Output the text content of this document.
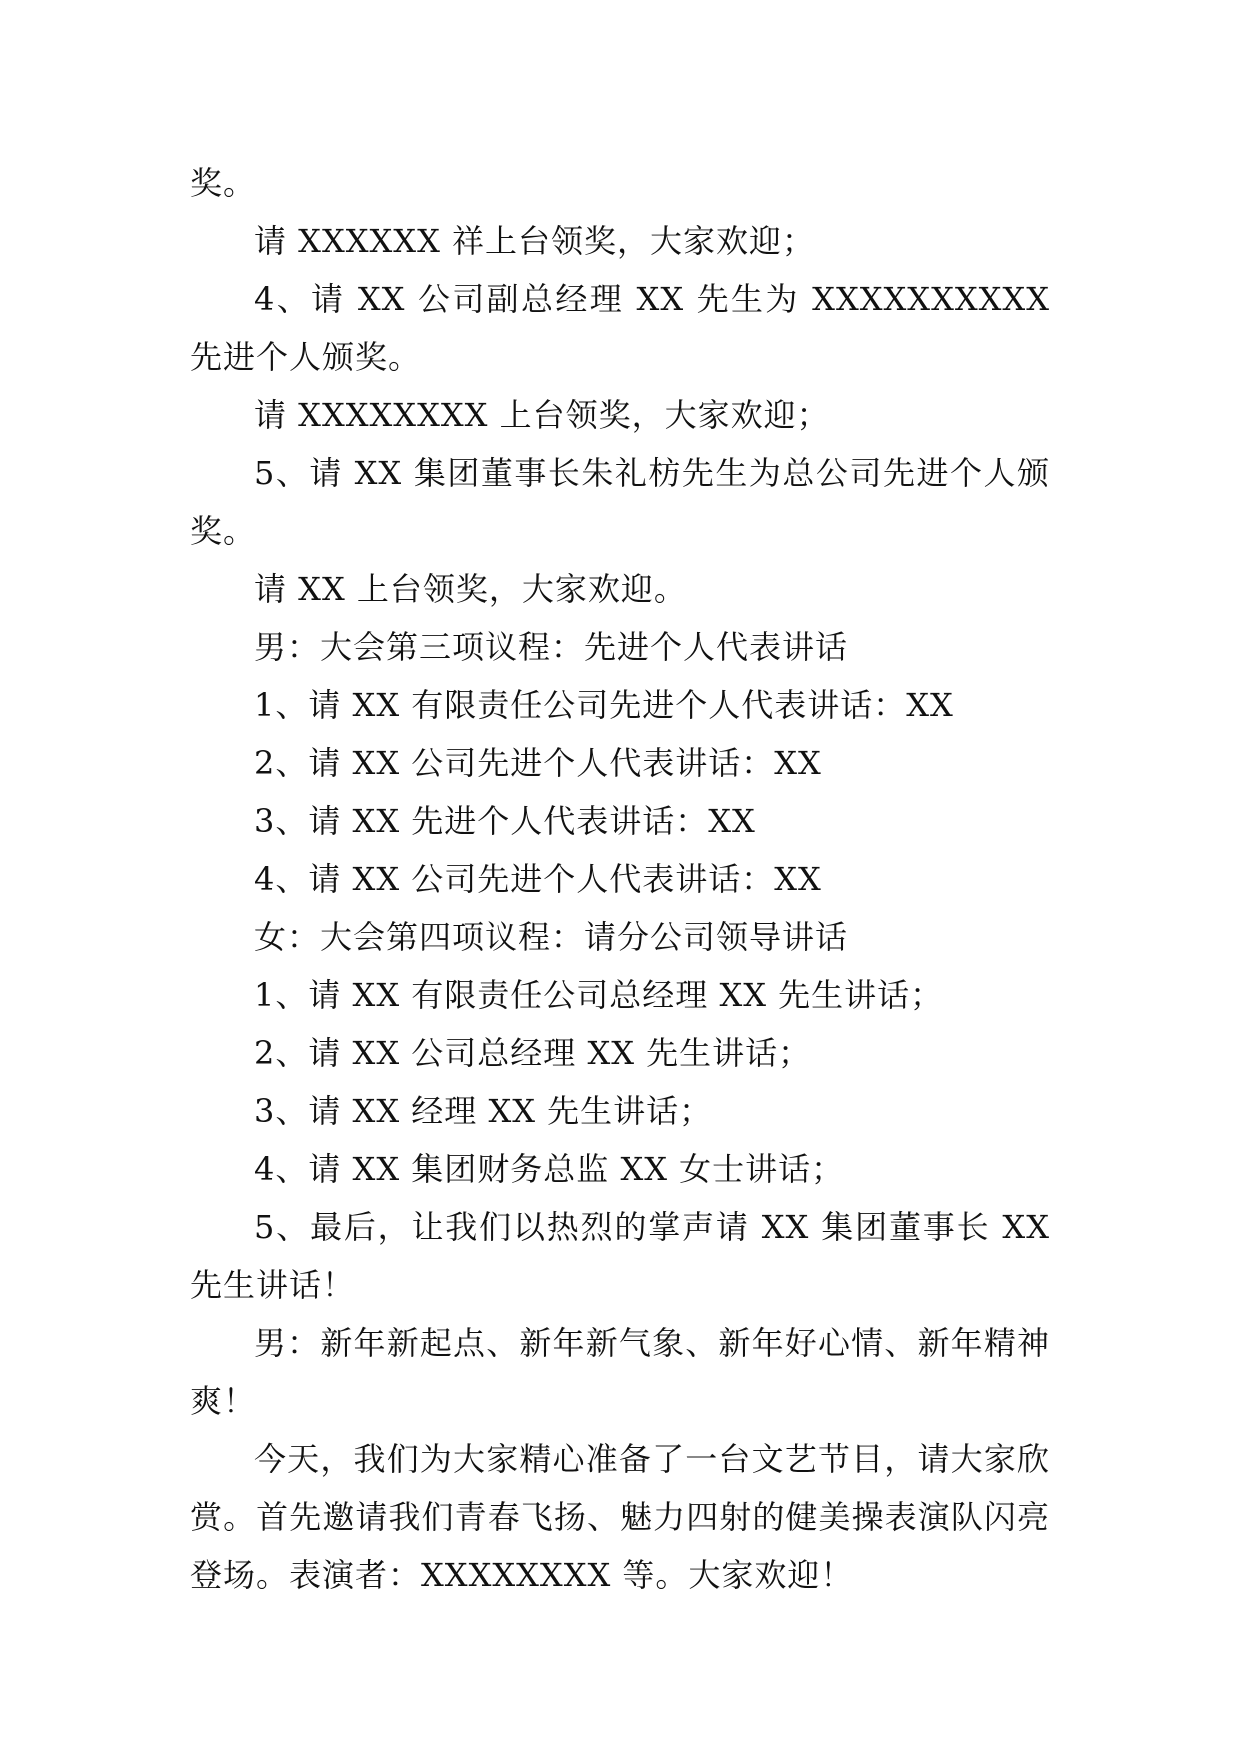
奖。

请 XXXXXX 祥上台领奖，大家欢迎；

4、请 XX 公司副总经理 XX 先生为 XXXXXXXXXX 先进个人颁奖。

请 XXXXXXXX 上台领奖，大家欢迎；

5、请 XX 集团董事长朱礼枋先生为总公司先进个人颁奖。

请 XX 上台领奖，大家欢迎。

男：大会第三项议程：先进个人代表讲话

1、请 XX 有限责任公司先进个人代表讲话：XX

2、请 XX 公司先进个人代表讲话：XX

3、请 XX 先进个人代表讲话：XX

4、请 XX 公司先进个人代表讲话：XX

女：大会第四项议程：请分公司领导讲话

1、请 XX 有限责任公司总经理 XX 先生讲话；

2、请 XX 公司总经理 XX 先生讲话；

3、请 XX 经理 XX 先生讲话；

4、请 XX 集团财务总监 XX 女士讲话；

5、最后，让我们以热烈的掌声请 XX 集团董事长 XX 先生讲话！

男：新年新起点、新年新气象、新年好心情、新年精神爽！

今天，我们为大家精心准备了一台文艺节目，请大家欣赏。首先邀请我们青春飞扬、魅力四射的健美操表演队闪亮登场。表演者：XXXXXXXX 等。大家欢迎！
